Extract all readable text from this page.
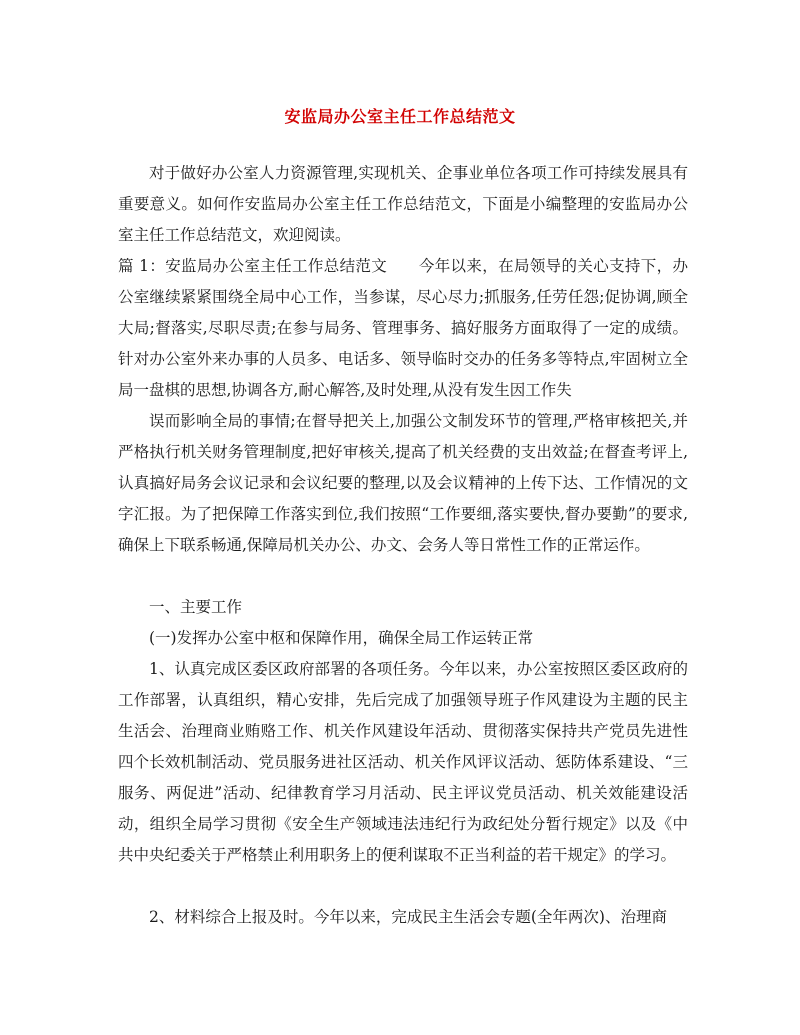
安监局办公室主任工作总结范文

对于做好办公室人力资源管理,实现机关、企事业单位各项工作可持续发展具有重要意义。如何作安监局办公室主任工作总结范文，下面是小编整理的安监局办公室主任工作总结范文，欢迎阅读。

篇 1：安监局办公室主任工作总结范文　　今年以来，在局领导的关心支持下，办公室继续紧紧围绕全局中心工作，当参谋，尽心尽力;抓服务,任劳任怨;促协调,顾全大局;督落实,尽职尽责;在参与局务、管理事务、搞好服务方面取得了一定的成绩。针对办公室外来办事的人员多、电话多、领导临时交办的任务多等特点,牢固树立全局一盘棋的思想,协调各方,耐心解答,及时处理,从没有发生因工作失

误而影响全局的事情;在督导把关上,加强公文制发环节的管理,严格审核把关,并严格执行机关财务管理制度,把好审核关,提高了机关经费的支出效益;在督查考评上,认真搞好局务会议记录和会议纪要的整理,以及会议精神的上传下达、工作情况的文字汇报。为了把保障工作落实到位,我们按照“工作要细,落实要快,督办要勤”的要求,确保上下联系畅通,保障局机关办公、办文、会务人等日常性工作的正常运作。

一、主要工作

(一)发挥办公室中枢和保障作用，确保全局工作运转正常

1、认真完成区委区政府部署的各项任务。今年以来，办公室按照区委区政府的工作部署，认真组织，精心安排，先后完成了加强领导班子作风建设为主题的民主生活会、治理商业贿赂工作、机关作风建设年活动、贯彻落实保持共产党员先进性四个长效机制活动、党员服务进社区活动、机关作风评议活动、惩防体系建设、“三服务、两促进”活动、纪律教育学习月活动、民主评议党员活动、机关效能建设活动，组织全局学习贯彻《安全生产领域违法违纪行为政纪处分暂行规定》以及《中共中央纪委关于严格禁止利用职务上的便利谋取不正当利益的若干规定》的学习。

2、材料综合上报及时。今年以来，完成民主生活会专题(全年两次)、治理商
